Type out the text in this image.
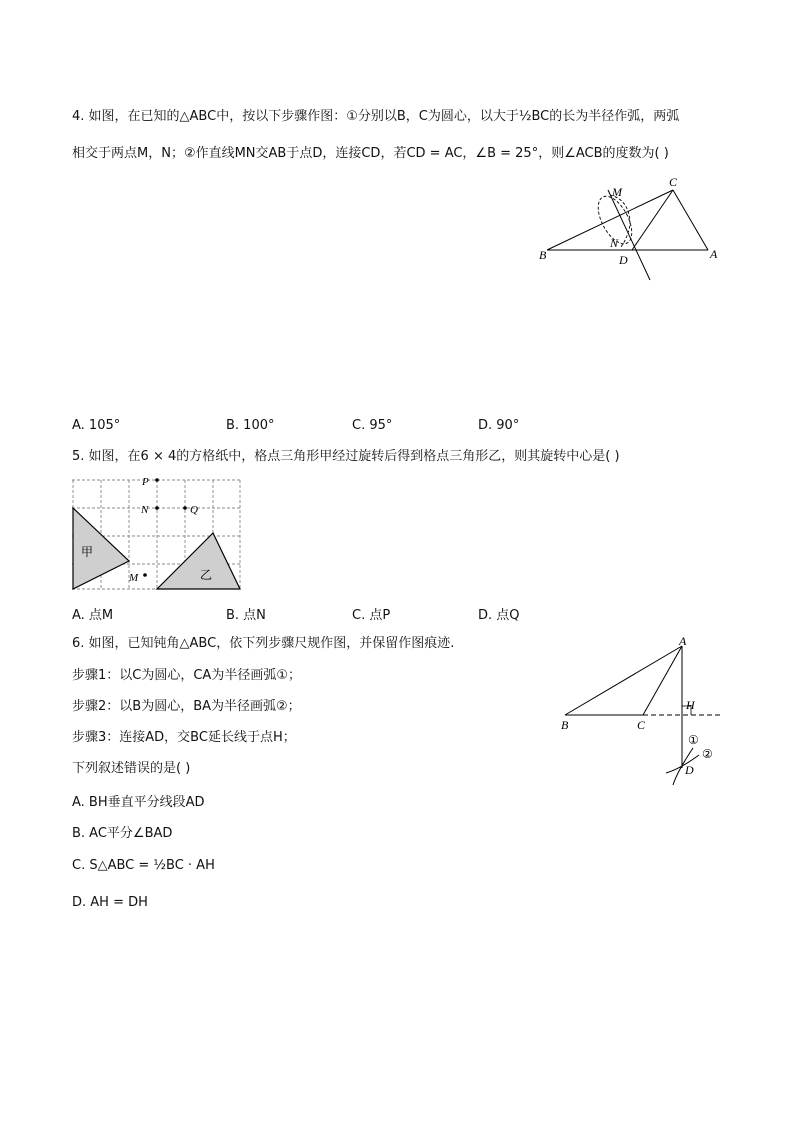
4. 如图，在已知的△ABC中，按以下步骤作图：①分别以B，C为圆心，以大于½BC的长为半径作弧，两弧
相交于两点M，N；②作直线MN交AB于点D，连接CD，若CD = AC，∠B = 25°，则∠ACB的度数为( )
M
C
N
B	D	A
A. 105°	B. 100°	C. 95°	D. 90°
5. 如图，在6 × 4的方格纸中，格点三角形甲经过旋转后得到格点三角形乙，则其旋转中心是( )
P
N	Q
M
甲
乙
A. 点M	B. 点N	C. 点P	D. 点Q
6. 如图，已知钝角△ABC，依下列步骤尺规作图，并保留作图痕迹.
步骤1：以C为圆心，CA为半径画弧①；
步骤2：以B为圆心，BA为半径画弧②；
步骤3：连接AD，交BC延长线于点H；
下列叙述错误的是( )
A. BH垂直平分线段AD
B. AC平分∠BAD
C. S△ABC = ½BC · AH
D. AH = DH
A
B	C
H
D
①
②
